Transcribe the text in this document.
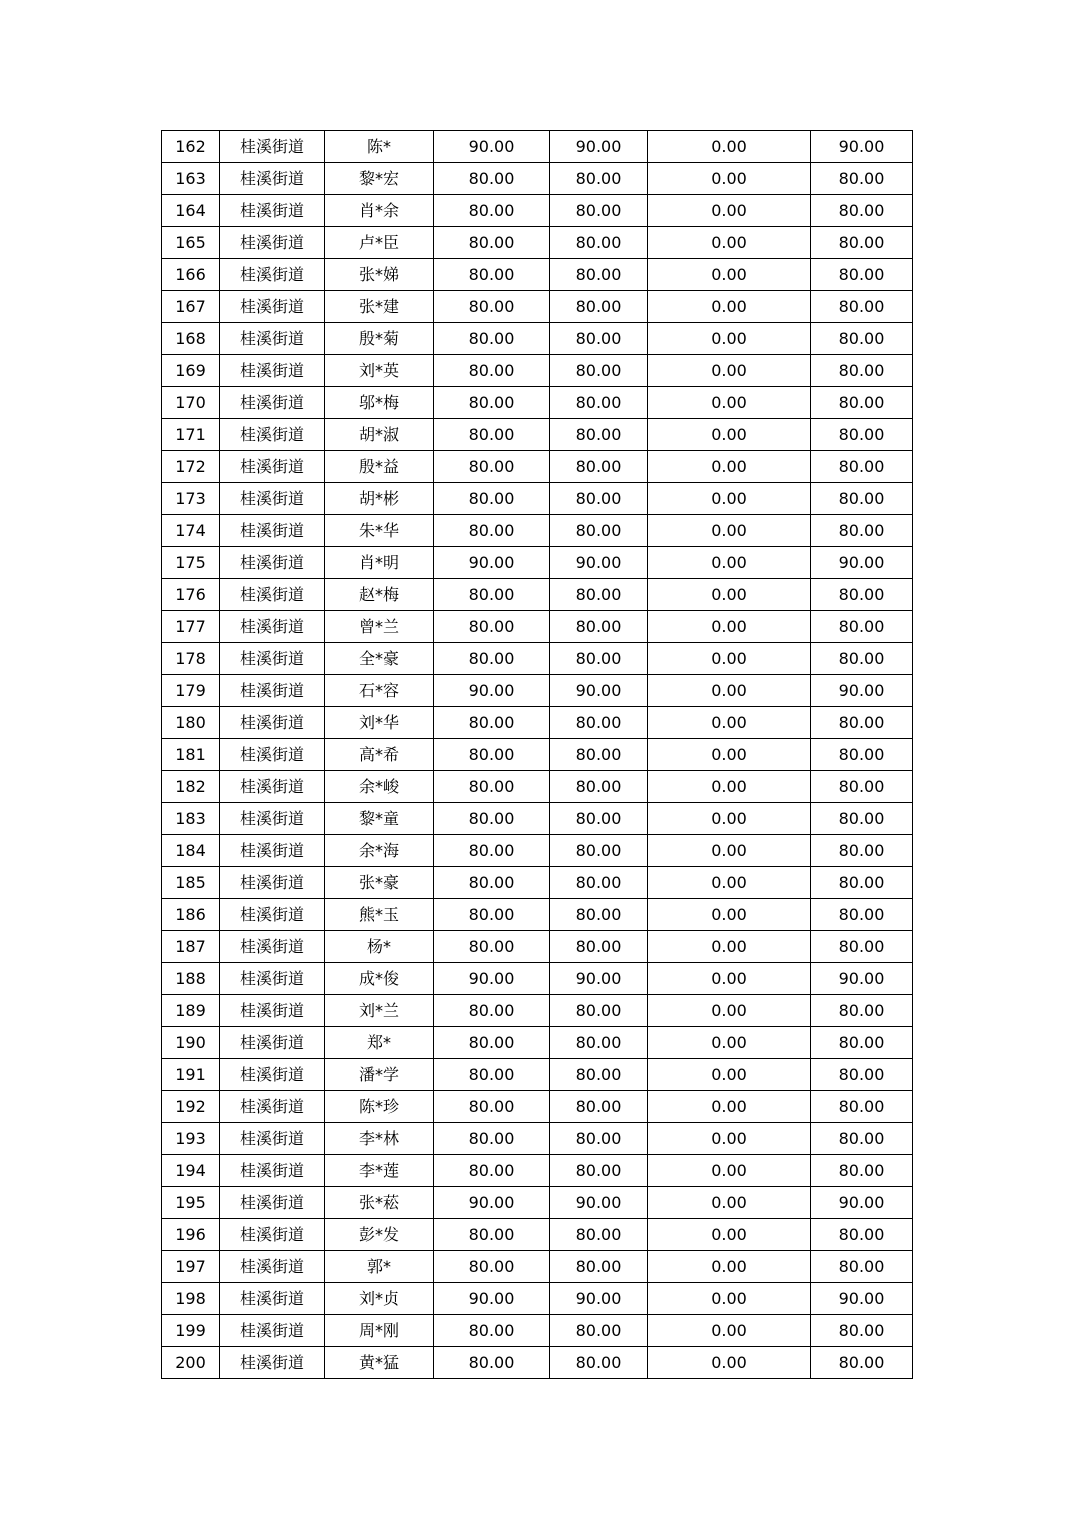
162	桂溪街道	陈*	90.00	90.00	0.00	90.00
163	桂溪街道	黎*宏	80.00	80.00	0.00	80.00
164	桂溪街道	肖*余	80.00	80.00	0.00	80.00
165	桂溪街道	卢*臣	80.00	80.00	0.00	80.00
166	桂溪街道	张*娣	80.00	80.00	0.00	80.00
167	桂溪街道	张*建	80.00	80.00	0.00	80.00
168	桂溪街道	殷*菊	80.00	80.00	0.00	80.00
169	桂溪街道	刘*英	80.00	80.00	0.00	80.00
170	桂溪街道	邬*梅	80.00	80.00	0.00	80.00
171	桂溪街道	胡*淑	80.00	80.00	0.00	80.00
172	桂溪街道	殷*益	80.00	80.00	0.00	80.00
173	桂溪街道	胡*彬	80.00	80.00	0.00	80.00
174	桂溪街道	朱*华	80.00	80.00	0.00	80.00
175	桂溪街道	肖*明	90.00	90.00	0.00	90.00
176	桂溪街道	赵*梅	80.00	80.00	0.00	80.00
177	桂溪街道	曾*兰	80.00	80.00	0.00	80.00
178	桂溪街道	全*豪	80.00	80.00	0.00	80.00
179	桂溪街道	石*容	90.00	90.00	0.00	90.00
180	桂溪街道	刘*华	80.00	80.00	0.00	80.00
181	桂溪街道	高*希	80.00	80.00	0.00	80.00
182	桂溪街道	余*峻	80.00	80.00	0.00	80.00
183	桂溪街道	黎*童	80.00	80.00	0.00	80.00
184	桂溪街道	余*海	80.00	80.00	0.00	80.00
185	桂溪街道	张*豪	80.00	80.00	0.00	80.00
186	桂溪街道	熊*玉	80.00	80.00	0.00	80.00
187	桂溪街道	杨*	80.00	80.00	0.00	80.00
188	桂溪街道	成*俊	90.00	90.00	0.00	90.00
189	桂溪街道	刘*兰	80.00	80.00	0.00	80.00
190	桂溪街道	郑*	80.00	80.00	0.00	80.00
191	桂溪街道	潘*学	80.00	80.00	0.00	80.00
192	桂溪街道	陈*珍	80.00	80.00	0.00	80.00
193	桂溪街道	李*林	80.00	80.00	0.00	80.00
194	桂溪街道	李*莲	80.00	80.00	0.00	80.00
195	桂溪街道	张*菘	90.00	90.00	0.00	90.00
196	桂溪街道	彭*发	80.00	80.00	0.00	80.00
197	桂溪街道	郭*	80.00	80.00	0.00	80.00
198	桂溪街道	刘*贞	90.00	90.00	0.00	90.00
199	桂溪街道	周*刚	80.00	80.00	0.00	80.00
200	桂溪街道	黄*猛	80.00	80.00	0.00	80.00
